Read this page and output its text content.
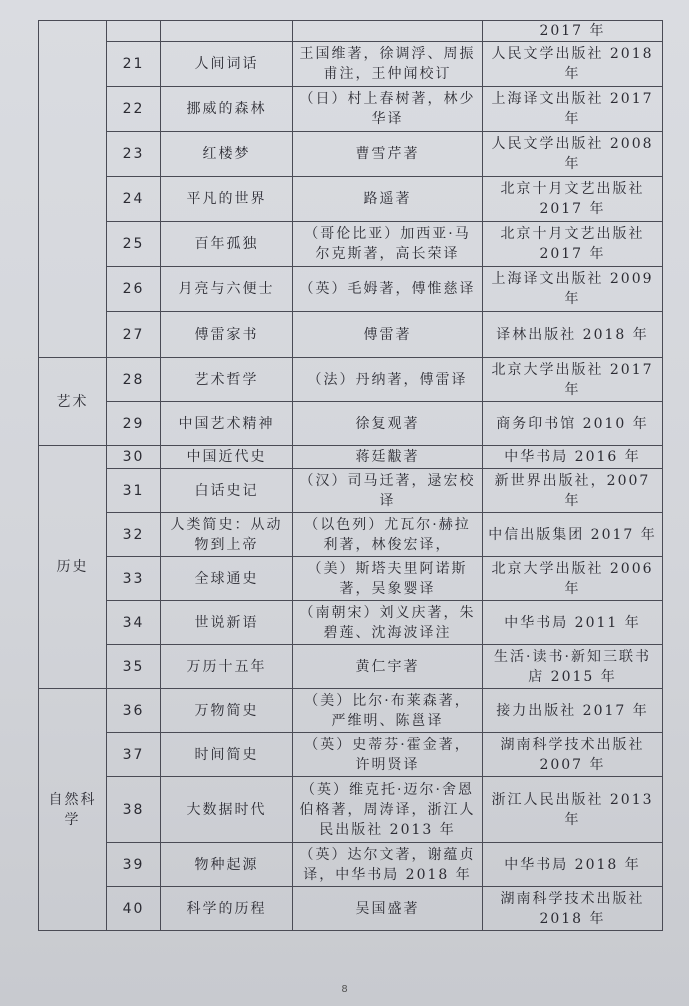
				2017 年
	21	人间词话	王国维著，徐调浮、周振甫注，王仲闻校订	人民文学出版社 2018 年
	22	挪威的森林	（日）村上春树著，林少华译	上海译文出版社 2017 年
	23	红楼梦	曹雪芹著	人民文学出版社 2008 年
	24	平凡的世界	路遥著	北京十月文艺出版社 2017 年
	25	百年孤独	（哥伦比亚）加西亚·马尔克斯著，高长荣译	北京十月文艺出版社 2017 年
	26	月亮与六便士	（英）毛姆著，傅惟慈译	上海译文出版社 2009 年
	27	傅雷家书	傅雷著	译林出版社 2018 年
艺术	28	艺术哲学	（法）丹纳著，傅雷译	北京大学出版社 2017 年
	29	中国艺术精神	徐复观著	商务印书馆 2010 年
历史	30	中国近代史	蒋廷黻著	中华书局 2016 年
	31	白话史记	（汉）司马迁著，逯宏校译	新世界出版社，2007 年
	32	人类简史：从动物到上帝	（以色列）尤瓦尔·赫拉利著，林俊宏译，	中信出版集团 2017 年
	33	全球通史	（美）斯塔夫里阿诺斯著，吴象婴译	北京大学出版社 2006 年
	34	世说新语	（南朝宋）刘义庆著，朱碧莲、沈海波译注	中华书局 2011 年
	35	万历十五年	黄仁宇著	生活·读书·新知三联书店 2015 年
自然科学	36	万物简史	（美）比尔·布莱森著，严维明、陈邕译	接力出版社 2017 年
	37	时间简史	（英）史蒂芬·霍金著，许明贤译	湖南科学技术出版社 2007 年
	38	大数据时代	（英）维克托·迈尔·舍恩伯格著，周涛译，浙江人民出版社 2013 年	浙江人民出版社 2013 年
	39	物种起源	（英）达尔文著，谢蕴贞译，中华书局 2018 年	中华书局 2018 年
	40	科学的历程	吴国盛著	湖南科学技术出版社 2018 年
8
